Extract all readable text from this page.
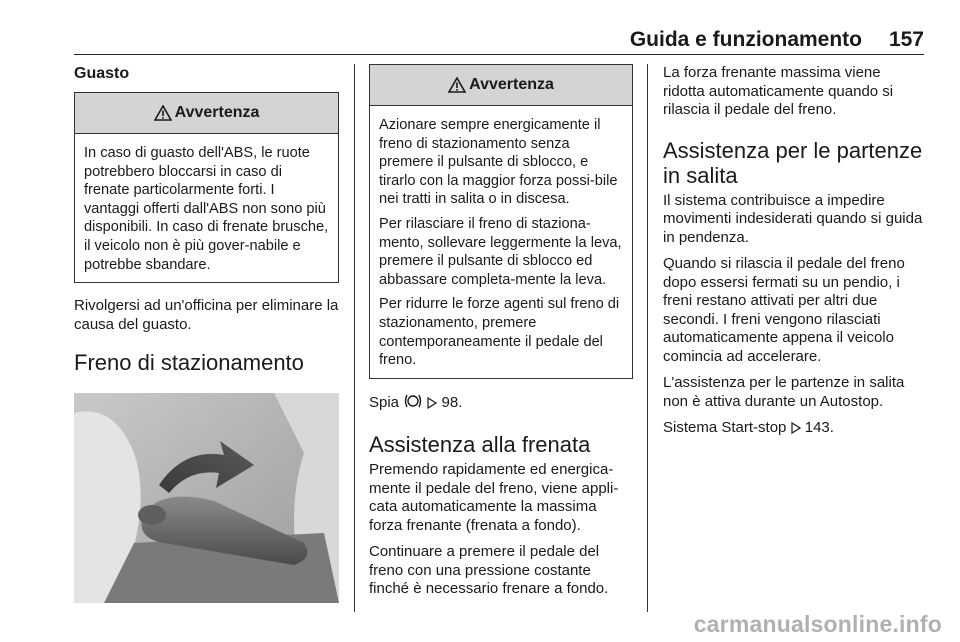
Guida e funzionamento 157
Guasto
Avvertenza

In caso di guasto dell'ABS, le ruote potrebbero bloccarsi in caso di frenate particolarmente forti. I vantaggi offerti dall'ABS non sono più disponibili. In caso di frenate brusche, il veicolo non è più gover-nabile e potrebbe sbandare.

Rivolgersi ad un'officina per eliminare la causa del guasto.

Freno di stazionamento
Avvertenza

Azionare sempre energicamente il freno di stazionamento senza premere il pulsante di sblocco, e tirarlo con la maggior forza possi-bile nei tratti in salita o in discesa.

Per rilasciare il freno di staziona-mento, sollevare leggermente la leva, premere il pulsante di sblocco ed abbassare completa-mente la leva.

Per ridurre le forze agenti sul freno di stazionamento, premere contemporaneamente il pedale del freno.

Spia	98.

Assistenza alla frenata

Premendo rapidamente ed energica-mente il pedale del freno, viene appli-cata automaticamente la massima forza frenante (frenata a fondo).

Continuare a premere il pedale del freno con una pressione costante finché è necessario frenare a fondo.

La forza frenante massima viene ridotta automaticamente quando si rilascia il pedale del freno.

Assistenza per le partenze in salita

Il sistema contribuisce a impedire movimenti indesiderati quando si guida in pendenza.

Quando si rilascia il pedale del freno dopo essersi fermati su un pendio, i freni restano attivati per altri due secondi. I freni vengono rilasciati automaticamente appena il veicolo comincia ad accelerare.

L'assistenza per le partenze in salita non è attiva durante un Autostop.

Sistema Start-stop 143.

carmanualsonline.info
